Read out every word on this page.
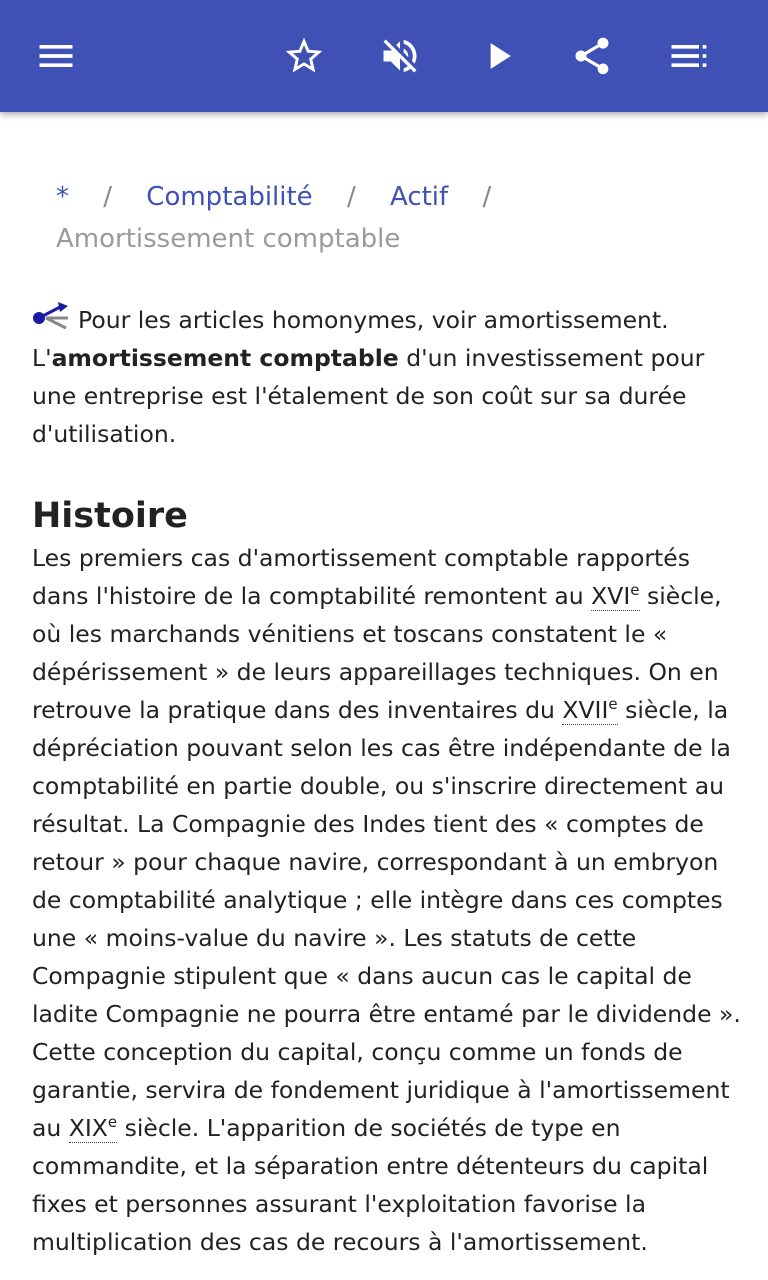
* / Comptabilité / Actif /
Amortissement comptable

Pour les articles homonymes, voir amortissement.
L'amortissement comptable d'un investissement pour une entreprise est l'étalement de son coût sur sa durée d'utilisation.

Histoire

Les premiers cas d'amortissement comptable rapportés dans l'histoire de la comptabilité remontent au XVIe siècle, où les marchands vénitiens et toscans constatent le « dépérissement » de leurs appareillages techniques. On en retrouve la pratique dans des inventaires du XVIIe siècle, la dépréciation pouvant selon les cas être indépendante de la comptabilité en partie double, ou s'inscrire directement au résultat. La Compagnie des Indes tient des « comptes de retour » pour chaque navire, correspondant à un embryon de comptabilité analytique ; elle intègre dans ces comptes une « moins-value du navire ». Les statuts de cette Compagnie stipulent que « dans aucun cas le capital de ladite Compagnie ne pourra être entamé par le dividende ». Cette conception du capital, conçu comme un fonds de garantie, servira de fondement juridique à l'amortissement au XIXe siècle. L'apparition de sociétés de type en commandite, et la séparation entre détenteurs du capital fixes et personnes assurant l'exploitation favorise la multiplication des cas de recours à l'amortissement.
